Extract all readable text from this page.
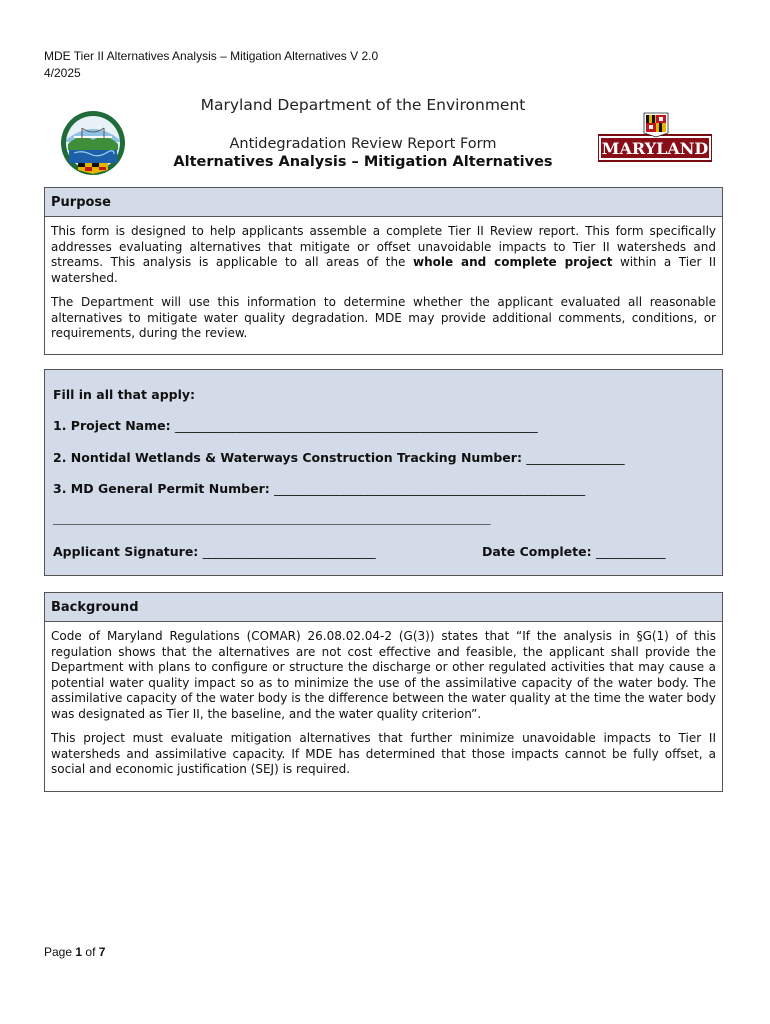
MDE Tier II Alternatives Analysis – Mitigation Alternatives V 2.0
4/2025
MARYLAND
Maryland Department of the Environment
Antidegradation Review Report Form
Alternatives Analysis – Mitigation Alternatives
Purpose

This form is designed to help applicants assemble a complete Tier II Review report. This form specifically addresses evaluating alternatives that mitigate or offset unavoidable impacts to Tier II watersheds and streams. This analysis is applicable to all areas of the whole and complete project within a Tier II watershed.

The Department will use this information to determine whether the applicant evaluated all reasonable alternatives to mitigate water quality degradation. MDE may provide additional comments, conditions, or requirements, during the review.

Fill in all that apply:
1. Project Name: _______________________________________________________________
2. Nontidal Wetlands & Waterways Construction Tracking Number: _________________
3. MD General Permit Number: ______________________________________________________
____________________________________________________________________________
Applicant Signature: ______________________________	Date Complete: ____________
Background

Code of Maryland Regulations (COMAR) 26.08.02.04-2 (G(3)) states that “If the analysis in §G(1) of this regulation shows that the alternatives are not cost effective and feasible, the applicant shall provide the Department with plans to configure or structure the discharge or other regulated activities that may cause a potential water quality impact so as to minimize the use of the assimilative capacity of the water body. The assimilative capacity of the water body is the difference between the water quality at the time the water body was designated as Tier II, the baseline, and the water quality criterion”.

This project must evaluate mitigation alternatives that further minimize unavoidable impacts to Tier II watersheds and assimilative capacity. If MDE has determined that those impacts cannot be fully offset, a social and economic justification (SEJ) is required.

Page 1 of 7
